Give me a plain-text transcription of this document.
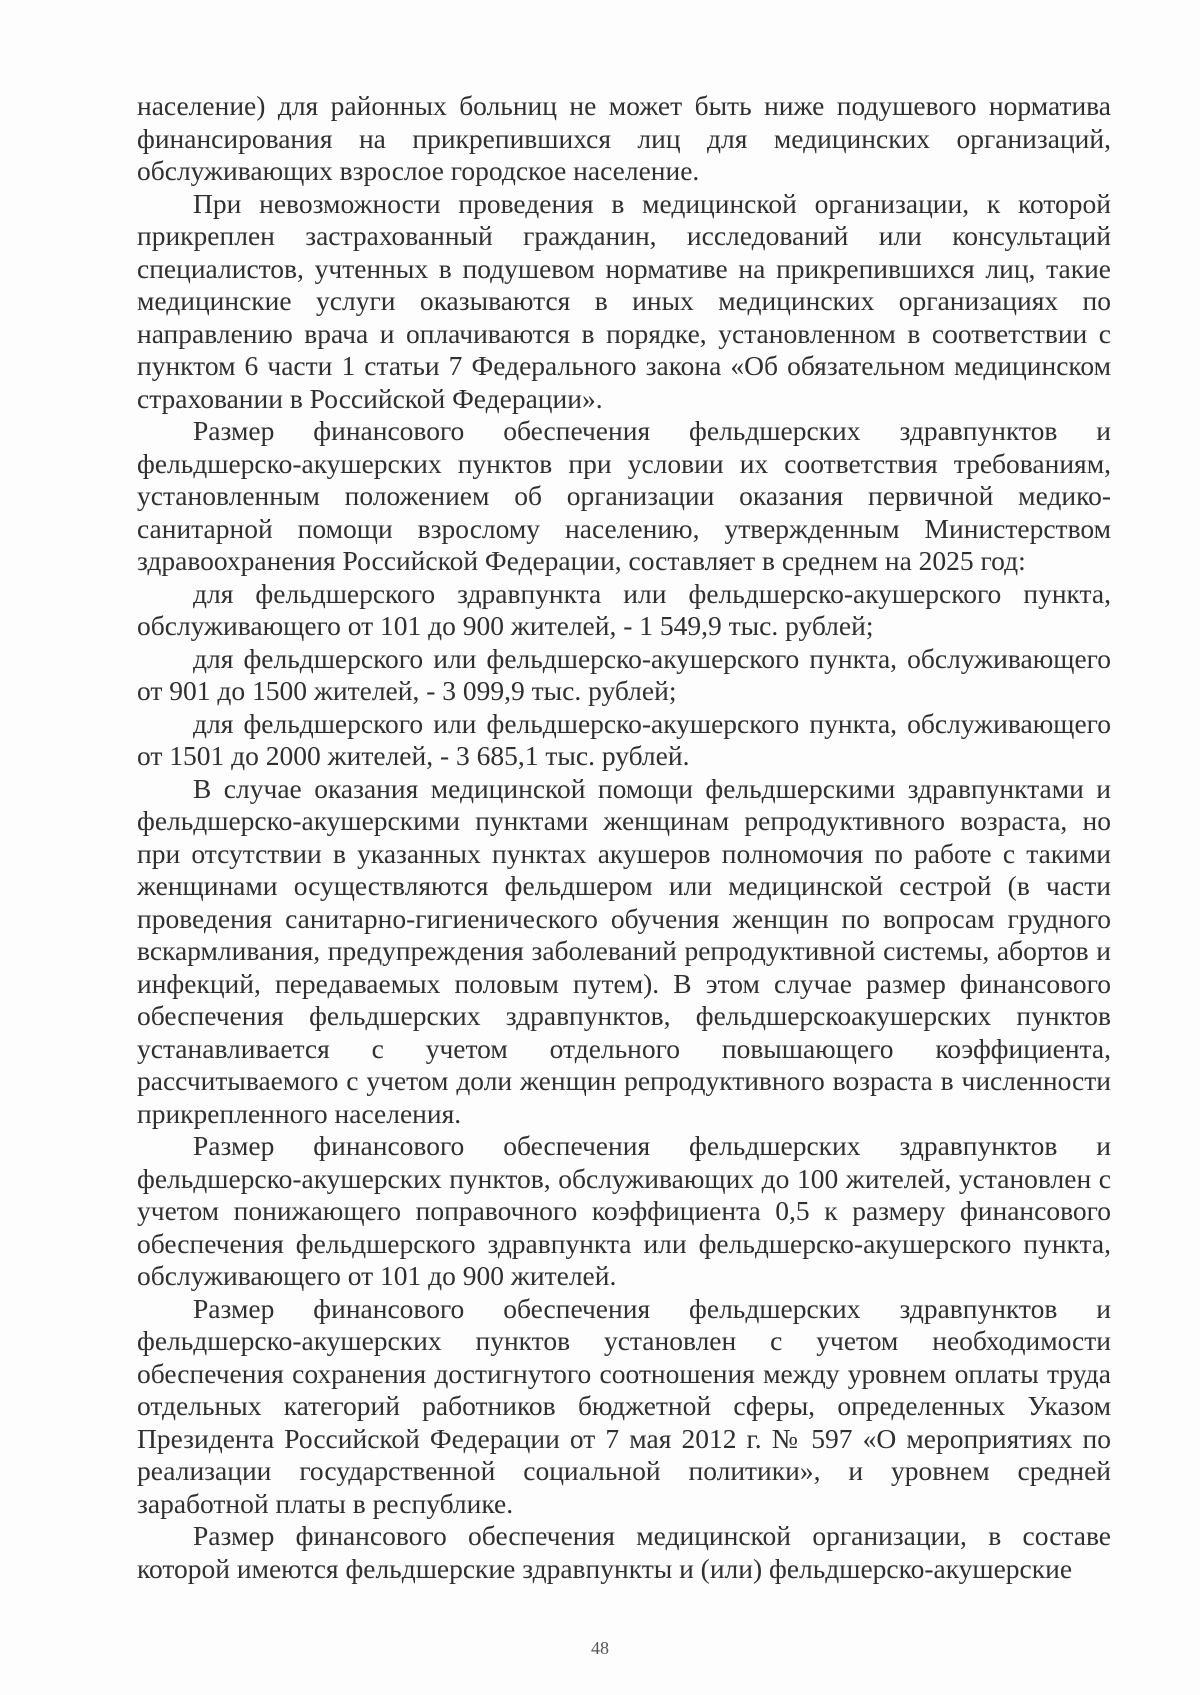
население) для районных больниц не может быть ниже подушевого норматива финансирования на прикрепившихся лиц для медицинских организаций, обслуживающих взрослое городское население.

При невозможности проведения в медицинской организации, к которой прикреплен застрахованный гражданин, исследований или консультаций специалистов, учтенных в подушевом нормативе на прикрепившихся лиц, такие медицинские услуги оказываются в иных медицинских организациях по направлению врача и оплачиваются в порядке, установленном в соответствии с пунктом 6 части 1 статьи 7 Федерального закона «Об обязательном медицинском страховании в Российской Федерации».

Размер финансового обеспечения фельдшерских здравпунктов и фельдшерско-акушерских пунктов при условии их соответствия требованиям, установленным положением об организации оказания первичной медико-санитарной помощи взрослому населению, утвержденным Министерством здравоохранения Российской Федерации, составляет в среднем на 2025 год:

для фельдшерского здравпункта или фельдшерско-акушерского пункта, обслуживающего от 101 до 900 жителей, - 1 549,9 тыс. рублей;

для фельдшерского или фельдшерско-акушерского пункта, обслуживающего от 901 до 1500 жителей, - 3 099,9 тыс. рублей;

для фельдшерского или фельдшерско-акушерского пункта, обслуживающего от 1501 до 2000 жителей, - 3 685,1 тыс. рублей.

В случае оказания медицинской помощи фельдшерскими здравпунктами и фельдшерско-акушерскими пунктами женщинам репродуктивного возраста, но при отсутствии в указанных пунктах акушеров полномочия по работе с такими женщинами осуществляются фельдшером или медицинской сестрой (в части проведения санитарно-гигиенического обучения женщин по вопросам грудного вскармливания, предупреждения заболеваний репродуктивной системы, абортов и инфекций, передаваемых половым путем). В этом случае размер финансового обеспечения фельдшерских здравпунктов, фельдшерскоакушерских пунктов устанавливается с учетом отдельного повышающего коэффициента, рассчитываемого с учетом доли женщин репродуктивного возраста в численности прикрепленного населения.

Размер финансового обеспечения фельдшерских здравпунктов и фельдшерско-акушерских пунктов, обслуживающих до 100 жителей, установлен с учетом понижающего поправочного коэффициента 0,5 к размеру финансового обеспечения фельдшерского здравпункта или фельдшерско-акушерского пункта, обслуживающего от 101 до 900 жителей.

Размер финансового обеспечения фельдшерских здравпунктов и фельдшерско-акушерских пунктов установлен с учетом необходимости обеспечения сохранения достигнутого соотношения между уровнем оплаты труда отдельных категорий работников бюджетной сферы, определенных Указом Президента Российской Федерации от 7 мая 2012 г. № 597 «О мероприятиях по реализации государственной социальной политики», и уровнем средней заработной платы в республике.

Размер финансового обеспечения медицинской организации, в составе которой имеются фельдшерские здравпункты и (или) фельдшерско-акушерские

48
